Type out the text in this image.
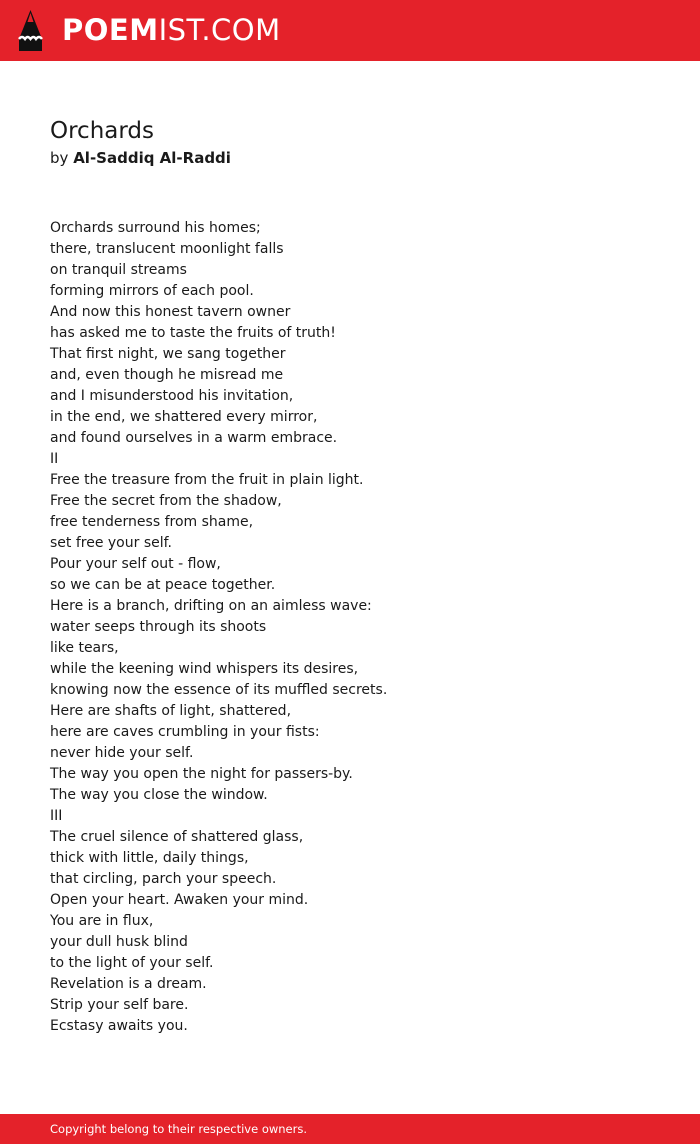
POEMIST.COM
Orchards
by Al-Saddiq Al-Raddi
Orchards surround his homes;
there, translucent moonlight falls
on tranquil streams
forming mirrors of each pool.
And now this honest tavern owner
has asked me to taste the fruits of truth!
That first night, we sang together
and, even though he misread me
and I misunderstood his invitation,
in the end, we shattered every mirror,
and found ourselves in a warm embrace.
II
Free the treasure from the fruit in plain light.
Free the secret from the shadow,
free tenderness from shame,
set free your self.
Pour your self out - flow,
so we can be at peace together.
Here is a branch, drifting on an aimless wave:
water seeps through its shoots
like tears,
while the keening wind whispers its desires,
knowing now the essence of its muffled secrets.
Here are shafts of light, shattered,
here are caves crumbling in your fists:
never hide your self.
The way you open the night for passers-by.
The way you close the window.
III
The cruel silence of shattered glass,
thick with little, daily things,
that circling, parch your speech.
Open your heart. Awaken your mind.
You are in flux,
your dull husk blind
to the light of your self.
Revelation is a dream.
Strip your self bare.
Ecstasy awaits you.
Copyright belong to their respective owners.
